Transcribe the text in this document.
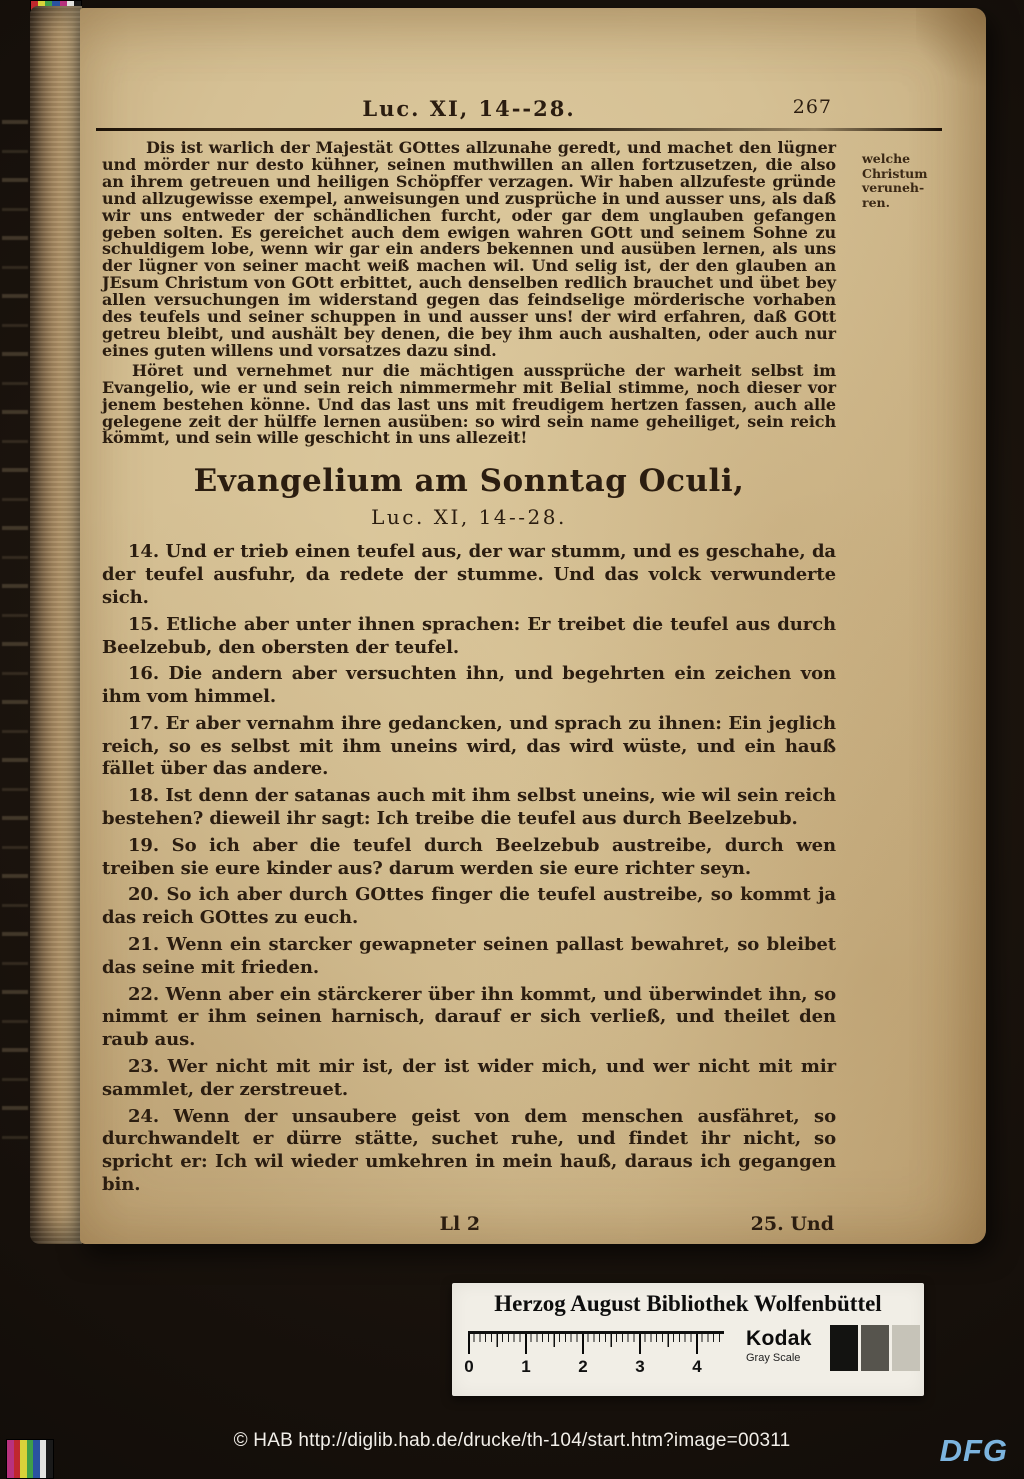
welche
Christum
veruneh-
ren.
Luc. XI, 14--28.	267

Dis ist warlich der Majestät GOttes allzunahe geredt, und machet den lügner und mörder nur desto kühner, seinen muthwillen an allen fortzusetzen, die also an ihrem getreuen und heiligen Schöpffer verzagen. Wir haben allzufeste gründe und allzugewisse exempel, anweisungen und zusprüche in und ausser uns, als daß wir uns entweder der schändlichen furcht, oder gar dem unglauben gefangen geben solten. Es gereichet auch dem ewigen wahren GOtt und seinem Sohne zu schuldigem lobe, wenn wir gar ein anders bekennen und ausüben lernen, als uns der lügner von seiner macht weiß machen wil. Und selig ist, der den glauben an JEsum Christum von GOtt erbittet, auch denselben redlich brauchet und übet bey allen versuchungen im widerstand gegen das feindselige mörderische vorhaben des teufels und seiner schuppen in und ausser uns! der wird erfahren, daß GOtt getreu bleibt, und aushält bey denen, die bey ihm auch aushalten, oder auch nur eines guten willens und vorsatzes dazu sind.

Höret und vernehmet nur die mächtigen aussprüche der warheit selbst im Evangelio, wie er und sein reich nimmermehr mit Belial stimme, noch dieser vor jenem bestehen könne. Und das last uns mit freudigem hertzen fassen, auch alle gelegene zeit der hülffe lernen ausüben: so wird sein name geheiliget, sein reich kömmt, und sein wille geschicht in uns allezeit!

Evangelium am Sonntag Oculi,
Luc. XI, 14--28.

14. Und er trieb einen teufel aus, der war stumm, und es geschahe, da der teufel ausfuhr, da redete der stumme. Und das volck verwunderte sich.

15. Etliche aber unter ihnen sprachen: Er treibet die teufel aus durch Beelzebub, den obersten der teufel.

16. Die andern aber versuchten ihn, und begehrten ein zeichen von ihm vom himmel.

17. Er aber vernahm ihre gedancken, und sprach zu ihnen: Ein jeglich reich, so es selbst mit ihm uneins wird, das wird wüste, und ein hauß fället über das andere.

18. Ist denn der satanas auch mit ihm selbst uneins, wie wil sein reich bestehen? dieweil ihr sagt: Ich treibe die teufel aus durch Beelzebub.

19. So ich aber die teufel durch Beelzebub austreibe, durch wen treiben sie eure kinder aus? darum werden sie eure richter seyn.

20. So ich aber durch GOttes finger die teufel austreibe, so kommt ja das reich GOttes zu euch.

21. Wenn ein starcker gewapneter seinen pallast bewahret, so bleibet das seine mit frieden.

22. Wenn aber ein stärckerer über ihn kommt, und überwindet ihn, so nimmt er ihm seinen harnisch, darauf er sich verließ, und theilet den raub aus.

23. Wer nicht mit mir ist, der ist wider mich, und wer nicht mit mir sammlet, der zerstreuet.

24. Wenn der unsaubere geist von dem menschen ausfähret, so durchwandelt er dürre stätte, suchet ruhe, und findet ihr nicht, so spricht er: Ich wil wieder umkehren in mein hauß, daraus ich gegangen bin.

Ll 2	25. Und
Herzog August Bibliothek Wolfenbüttel
0	1	2	3	4
Kodak
Gray Scale
© HAB http://diglib.hab.de/drucke/th-104/start.htm?image=00311	DFG
